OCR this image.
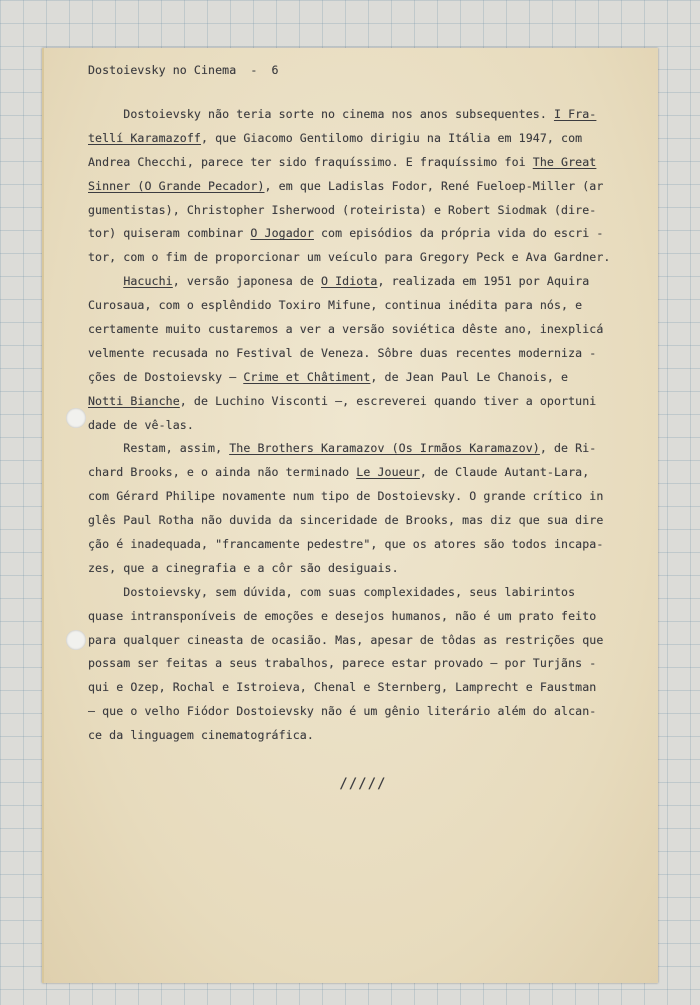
Dostoievsky no Cinema  -  6
Dostoievsky não teria sorte no cinema nos anos subsequentes. I Fra-
tellí Karamazoff, que Giacomo Gentilomo dirigiu na Itália em 1947, com
Andrea Checchi, parece ter sido fraquíssimo. E fraquíssimo foi The Great
Sinner (O Grande Pecador), em que Ladislas Fodor, René Fueloep-Miller (ar
gumentistas), Christopher Isherwood (roteirista) e Robert Siodmak (dire-
tor) quiseram combinar O Jogador com episódios da própria vida do escri -
tor, com o fim de proporcionar um veículo para Gregory Peck e Ava Gardner.
Hacuchi, versão japonesa de O Idiota, realizada em 1951 por Aquira
Curosaua, com o esplêndido Toxiro Mifune, continua inédita para nós, e
certamente muito custaremos a ver a versão soviética dêste ano, inexplicá
velmente recusada no Festival de Veneza. Sôbre duas recentes moderniza -
ções de Dostoievsky — Crime et Châtiment, de Jean Paul Le Chanois, e
Notti Bianche, de Luchino Visconti —, escreverei quando tiver a oportuni
dade de vê-las.
Restam, assim, The Brothers Karamazov (Os Irmãos Karamazov), de Ri-
chard Brooks, e o ainda não terminado Le Joueur, de Claude Autant-Lara,
com Gérard Philipe novamente num tipo de Dostoievsky. O grande crítico in
glês Paul Rotha não duvida da sinceridade de Brooks, mas diz que sua dire
ção é inadequada, "francamente pedestre", que os atores são todos incapa-
zes, que a cinegrafia e a côr são desiguais.
Dostoievsky, sem dúvida, com suas complexidades, seus labirintos
quase intransponíveis de emoções e desejos humanos, não é um prato feito
para qualquer cineasta de ocasião. Mas, apesar de tôdas as restrições que
possam ser feitas a seus trabalhos, parece estar provado — por Turjãns -
qui e Ozep, Rochal e Istroieva, Chenal e Sternberg, Lamprecht e Faustman
— que o velho Fiódor Dostoievsky não é um gênio literário além do alcan-
ce da linguagem cinematográfica.
/////
